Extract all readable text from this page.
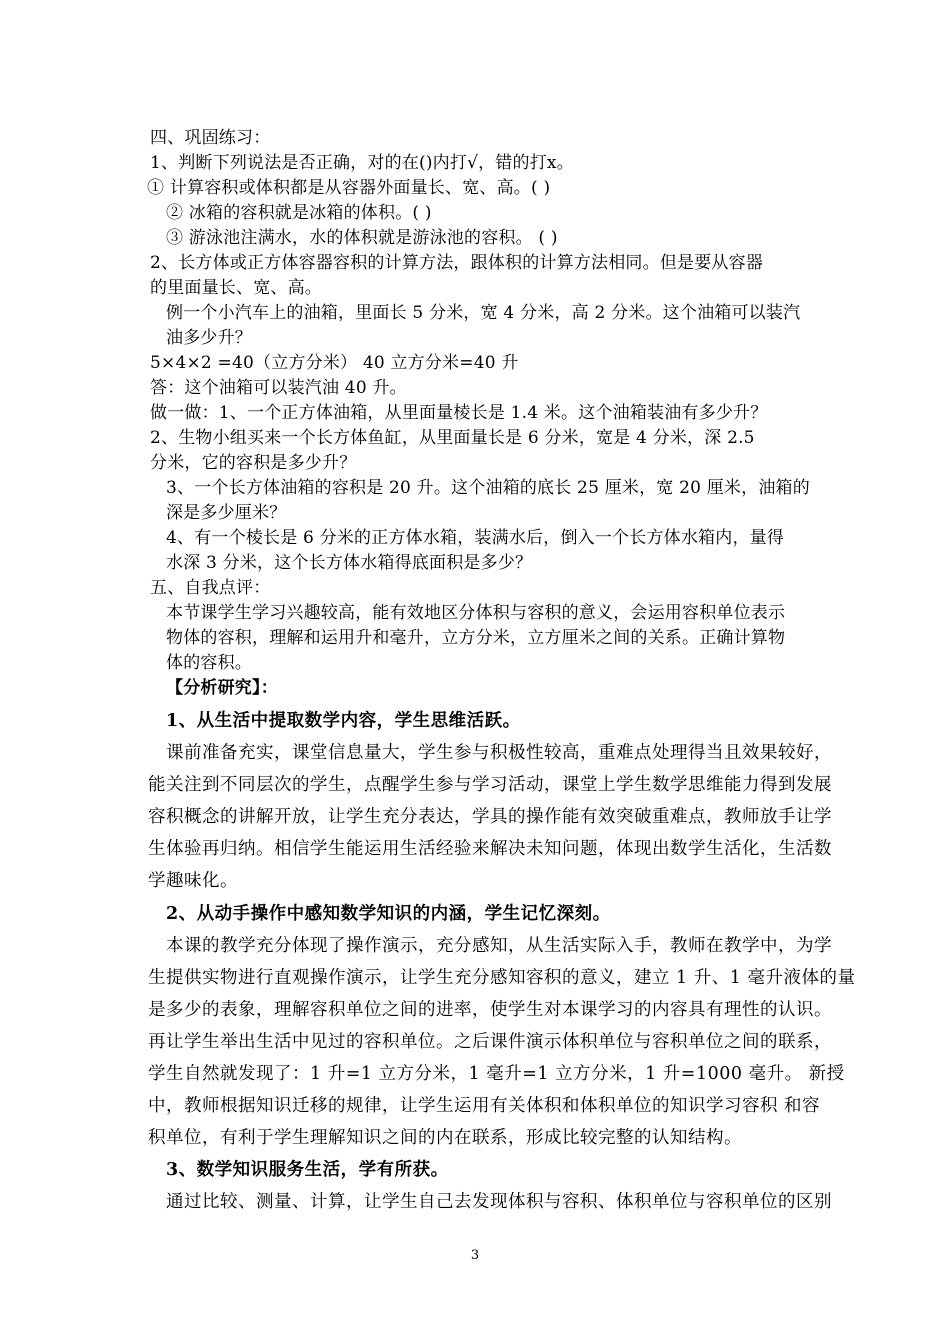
四、巩固练习：
1、判断下列说法是否正确，对的在()内打√，错的打x。
① 计算容积或体积都是从容器外面量长、宽、高。( )
② 冰箱的容积就是冰箱的体积。( )
③ 游泳池注满水，水的体积就是游泳池的容积。 ( )
2、长方体或正方体容器容积的计算方法，跟体积的计算方法相同。但是要从容器
的里面量长、宽、高。
例一个小汽车上的油箱，里面长 5 分米，宽 4 分米，高 2 分米。这个油箱可以装汽
油多少升？
5×4×2 =40（立方分米） 40 立方分米=40 升
答：这个油箱可以装汽油 40 升。
做一做：1、一个正方体油箱，从里面量棱长是 1.4 米。这个油箱装油有多少升？
2、生物小组买来一个长方体鱼缸，从里面量长是 6 分米，宽是 4 分米，深 2.5
分米，它的容积是多少升？
3、一个长方体油箱的容积是 20 升。这个油箱的底长 25 厘米，宽 20 厘米，油箱的
深是多少厘米？
4、有一个棱长是 6 分米的正方体水箱，装满水后，倒入一个长方体水箱内，量得
水深 3 分米，这个长方体水箱得底面积是多少？
五、自我点评：
本节课学生学习兴趣较高，能有效地区分体积与容积的意义，会运用容积单位表示
物体的容积，理解和运用升和毫升，立方分米，立方厘米之间的关系。正确计算物
体的容积。
【分析研究】：
1、从生活中提取数学内容，学生思维活跃。
课前准备充实，课堂信息量大，学生参与积极性较高，重难点处理得当且效果较好，
能关注到不同层次的学生，点醒学生参与学习活动，课堂上学生数学思维能力得到发展
容积概念的讲解开放，让学生充分表达，学具的操作能有效突破重难点，教师放手让学
生体验再归纳。相信学生能运用生活经验来解决未知问题，体现出数学生活化，生活数
学趣味化。
2、从动手操作中感知数学知识的内涵，学生记忆深刻。
本课的教学充分体现了操作演示，充分感知，从生活实际入手，教师在教学中，为学
生提供实物进行直观操作演示，让学生充分感知容积的意义，建立 1 升、1 毫升液体的量
是多少的表象，理解容积单位之间的进率，使学生对本课学习的内容具有理性的认识。
再让学生举出生活中见过的容积单位。之后课件演示体积单位与容积单位之间的联系，
学生自然就发现了：1 升=1 立方分米，1 毫升=1 立方分米，1 升=1000 毫升。 新授
中，教师根据知识迁移的规律，让学生运用有关体积和体积单位的知识学习容积 和容
积单位，有利于学生理解知识之间的内在联系，形成比较完整的认知结构。
3、数学知识服务生活，学有所获。
通过比较、测量、计算，让学生自己去发现体积与容积、体积单位与容积单位的区别
3
